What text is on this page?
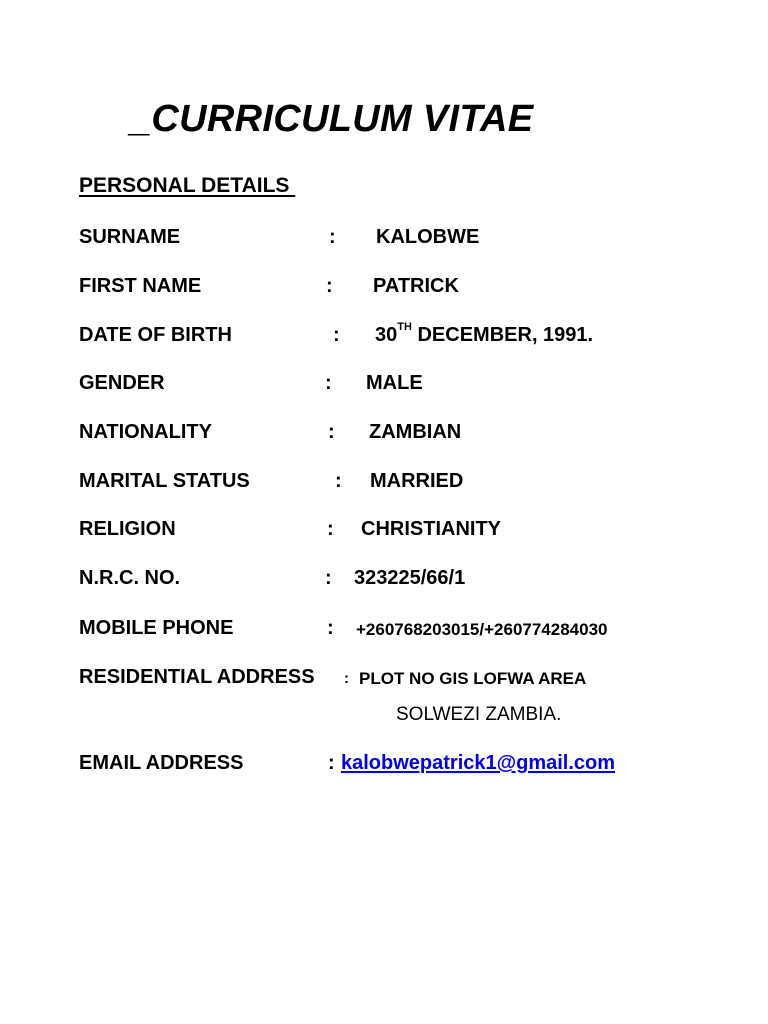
_CURRICULUM VITAE
PERSONAL DETAILS
SURNAME	: KALOBWE
FIRST NAME	: PATRICK
DATE OF BIRTH	: 30TH DECEMBER, 1991.
GENDER	: MALE
NATIONALITY	: ZAMBIAN
MARITAL STATUS	: MARRIED
RELIGION	: CHRISTIANITY
N.R.C. NO.	: 323225/66/1
MOBILE PHONE	: +260768203015/+260774284030
RESIDENTIAL ADDRESS : PLOT NO GIS LOFWA AREA
SOLWEZI ZAMBIA.
EMAIL ADDRESS	: kalobwepatrick1@gmail.com
